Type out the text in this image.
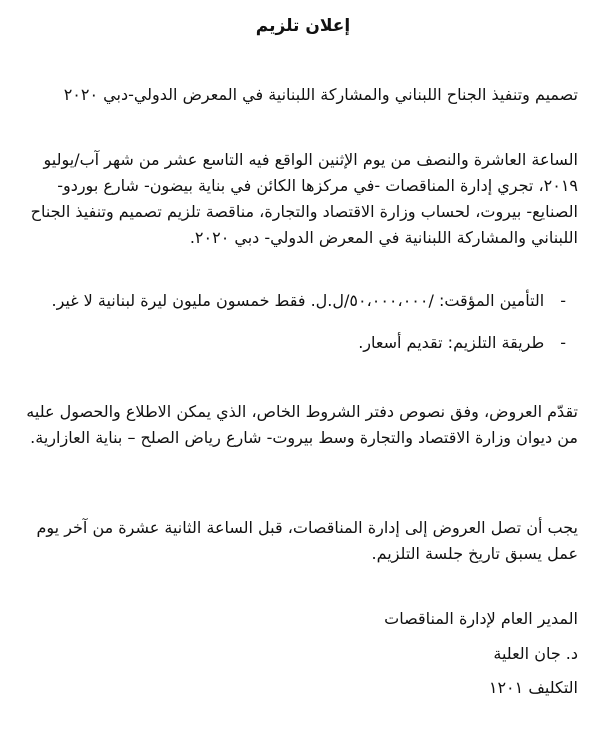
إعلان تلزيم
تصميم وتنفيذ الجناح اللبناني والمشاركة اللبنانية في المعرض الدولي-دبي ٢٠٢٠
الساعة العاشرة والنصف من يوم الإثنين الواقع فيه التاسع عشر من شهر آب/يوليو ٢٠١٩، تجري إدارة المناقصات -في مركزها الكائن في بناية بيضون- شارع بوردو- الصنايع- بيروت، لحساب وزارة الاقتصاد والتجارة، مناقصة تلزيم تصميم وتنفيذ الجناح اللبناني والمشاركة اللبنانية في المعرض الدولي- دبي ٢٠٢٠.
-التأمين المؤقت: /٥٠،٠٠٠،٠٠٠/ل.ل. فقط خمسون مليون ليرة لبنانية لا غير.
-طريقة التلزيم: تقديم أسعار.
تقدّم العروض، وفق نصوص دفتر الشروط الخاص، الذي يمكن الاطلاع والحصول عليه من ديوان وزارة الاقتصاد والتجارة وسط بيروت- شارع رياض الصلح – بناية العازارية.
يجب أن تصل العروض إلى إدارة المناقصات، قبل الساعة الثانية عشرة من آخر يوم عمل يسبق تاريخ جلسة التلزيم.
المدير العام لإدارة المناقصات
د. جان العلية
التكليف ١٢٠١
